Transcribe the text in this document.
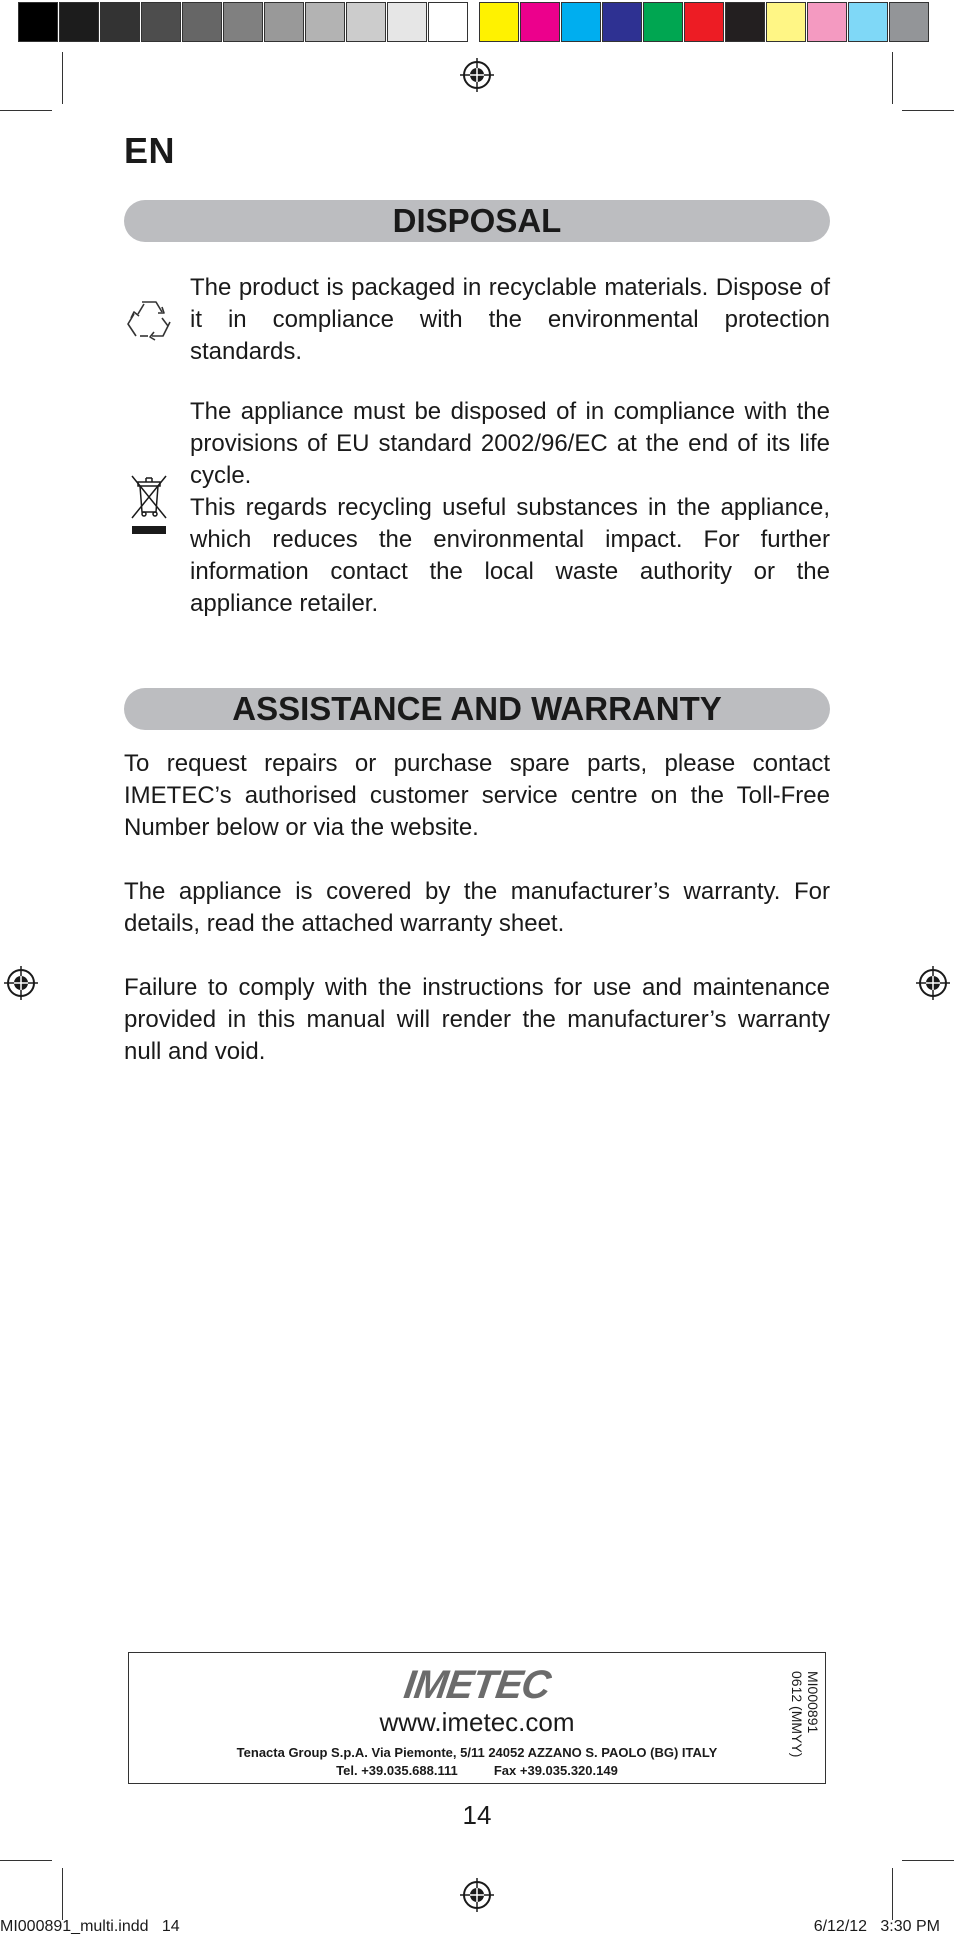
EN
DISPOSAL
The product is packaged in recyclable materials. Dispose of it in compliance with the environmental protection standards.
The appliance must be disposed of in compliance with the provisions of EU standard 2002/96/EC at the end of its life cycle.
This regards recycling useful substances in the appliance, which reduces the environmental impact. For further information contact the local waste authority or the appliance retailer.
ASSISTANCE AND WARRANTY
To request repairs or purchase spare parts, please contact IMETEC’s authorised customer service centre on the Toll-Free Number below or via the website.
The appliance is covered by the manufacturer’s warranty. For details, read the attached warranty sheet.
Failure to comply with the instructions for use and maintenance provided in this manual will render the manufacturer’s warranty null and void.
IMETEC
www.imetec.com
Tenacta Group S.p.A. Via Piemonte, 5/11 24052 AZZANO S. PAOLO (BG) ITALY
Tel. +39.035.688.111          Fax +39.035.320.149
MI000891
0612 (MMYY)
14
MI000891_multi.indd   14	6/12/12   3:30 PM
